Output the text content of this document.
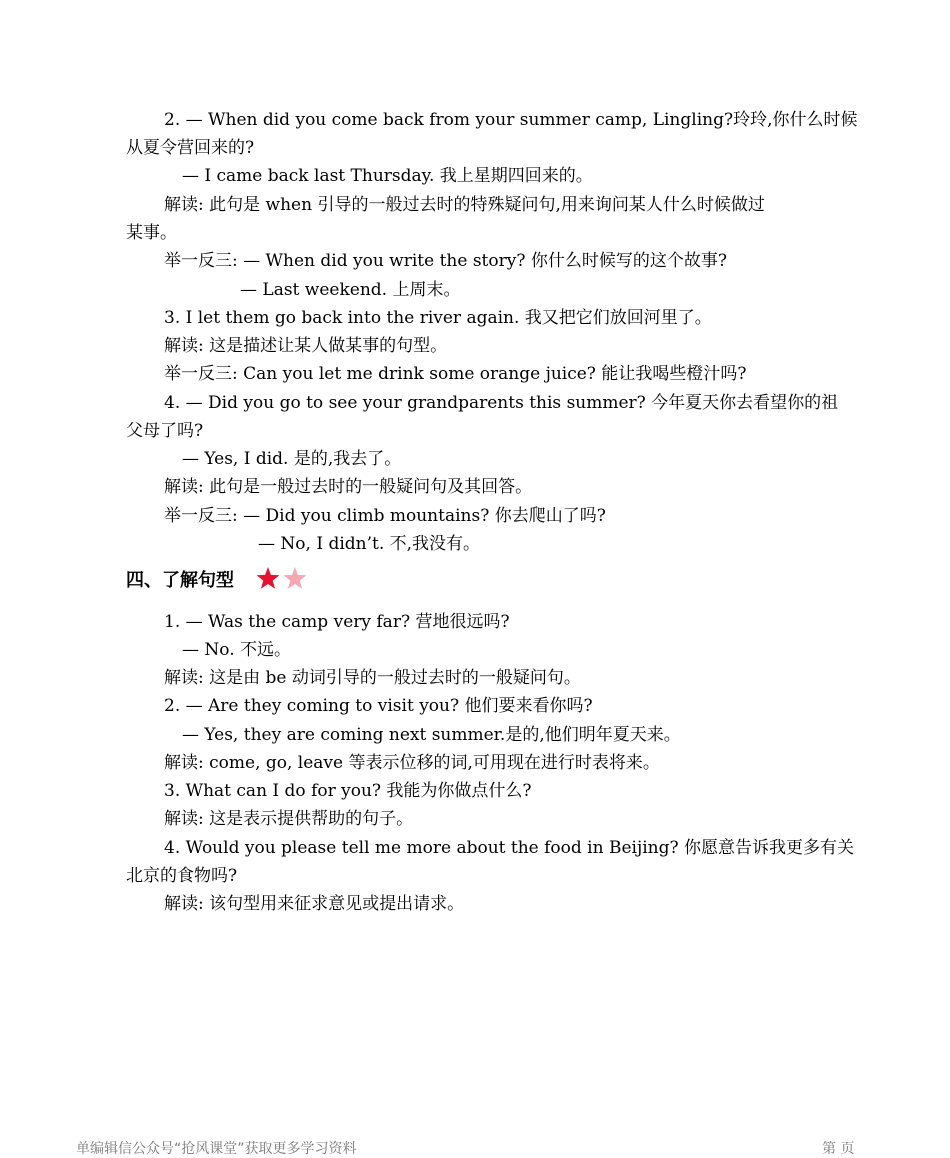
2. — When did you come back from your summer camp, Lingling?玲玲,你什么时候
从夏令营回来的?
— I came back last Thursday. 我上星期四回来的。
解读: 此句是 when 引导的一般过去时的特殊疑问句,用来询问某人什么时候做过
某事。
举一反三: — When did you write the story? 你什么时候写的这个故事?
— Last weekend. 上周末。
3. I let them go back into the river again. 我又把它们放回河里了。
解读: 这是描述让某人做某事的句型。
举一反三: Can you let me drink some orange juice? 能让我喝些橙汁吗?
4. — Did you go to see your grandparents this summer? 今年夏天你去看望你的祖
父母了吗?
— Yes, I did. 是的,我去了。
解读: 此句是一般过去时的一般疑问句及其回答。
举一反三: — Did you climb mountains? 你去爬山了吗?
— No, I didn’t. 不,我没有。
四、了解句型
1. — Was the camp very far? 营地很远吗?
— No. 不远。
解读: 这是由 be 动词引导的一般过去时的一般疑问句。
2. — Are they coming to visit you? 他们要来看你吗?
— Yes, they are coming next summer.是的,他们明年夏天来。
解读: come, go, leave 等表示位移的词,可用现在进行时表将来。
3. What can I do for you? 我能为你做点什么?
解读: 这是表示提供帮助的句子。
4. Would you please tell me more about the food in Beijing? 你愿意告诉我更多有关
北京的食物吗?
解读: 该句型用来征求意见或提出请求。
单编辑信公众号“抢风课堂”获取更多学习资料	第 页
